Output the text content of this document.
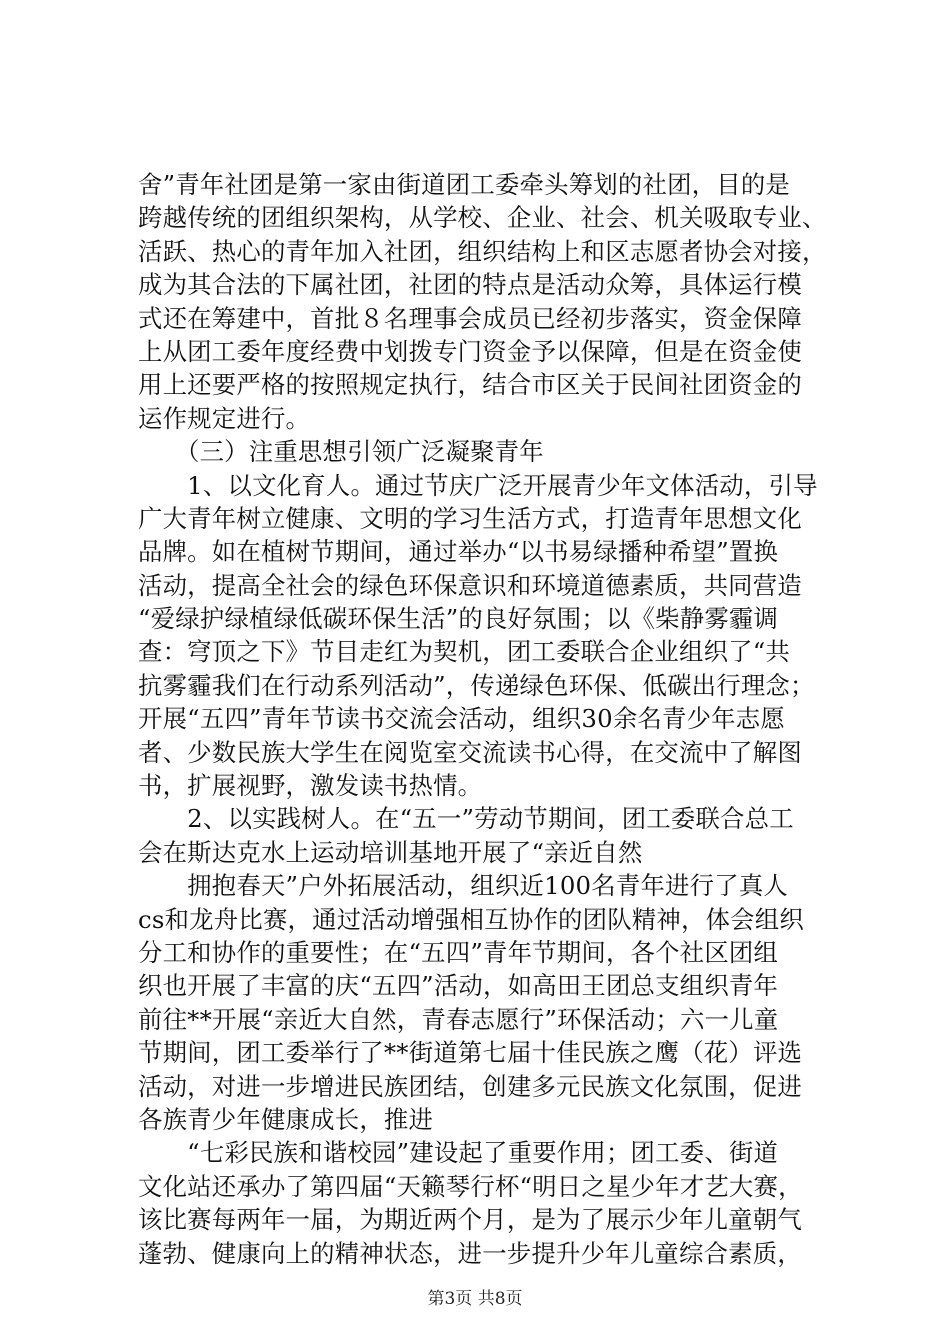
舍”青年社团是第一家由街道团工委牵头筹划的社团，目的是
跨越传统的团组织架构，从学校、企业、社会、机关吸取专业、
活跃、热心的青年加入社团，组织结构上和区志愿者协会对接，
成为其合法的下属社团，社团的特点是活动众筹，具体运行模
式还在筹建中，首批８名理事会成员已经初步落实，资金保障
上从团工委年度经费中划拨专门资金予以保障，但是在资金使
用上还要严格的按照规定执行，结合市区关于民间社团资金的
运作规定进行。
　　（三）注重思想引领广泛凝聚青年
　　1、以文化育人。通过节庆广泛开展青少年文体活动，引导
广大青年树立健康、文明的学习生活方式，打造青年思想文化
品牌。如在植树节期间，通过举办“以书易绿播种希望”置换
活动，提高全社会的绿色环保意识和环境道德素质，共同营造
“爱绿护绿植绿低碳环保生活”的良好氛围；以《柴静雾霾调
查：穹顶之下》节目走红为契机，团工委联合企业组织了“共
抗雾霾我们在行动系列活动”，传递绿色环保、低碳出行理念；
开展“五四”青年节读书交流会活动，组织30余名青少年志愿
者、少数民族大学生在阅览室交流读书心得，在交流中了解图
书，扩展视野，激发读书热情。
　　2、以实践树人。在“五一”劳动节期间，团工委联合总工
会在斯达克水上运动培训基地开展了“亲近自然
　　拥抱春天”户外拓展活动，组织近100名青年进行了真人
cs和龙舟比赛，通过活动增强相互协作的团队精神，体会组织
分工和协作的重要性；在“五四”青年节期间，各个社区团组
织也开展了丰富的庆“五四”活动，如高田王团总支组织青年
前往**开展“亲近大自然，青春志愿行”环保活动；六一儿童
节期间，团工委举行了**街道第七届十佳民族之鹰（花）评选
活动，对进一步增进民族团结，创建多元民族文化氛围，促进
各族青少年健康成长，推进
　　“七彩民族和谐校园”建设起了重要作用；团工委、街道
文化站还承办了第四届“天籁琴行杯“明日之星少年才艺大赛，
该比赛每两年一届，为期近两个月，是为了展示少年儿童朝气
蓬勃、健康向上的精神状态，进一步提升少年儿童综合素质，
第3页 共8页
